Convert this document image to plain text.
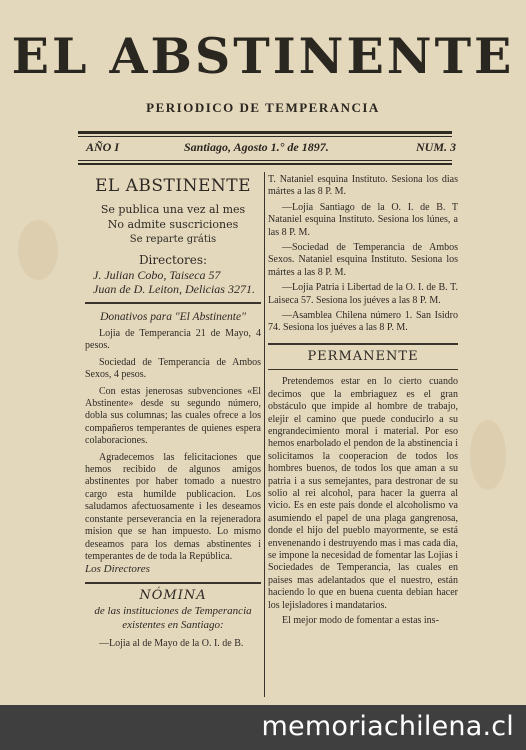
EL ABSTINENTE
PERIODICO DE TEMPERANCIA
AÑO I	Santiago, Agosto 1.° de 1897.	NUM. 3
EL ABSTINENTE
Se publica una vez al mes
No admite suscriciones
Se reparte grátis
Directores:
J. Julian Cobo, Taiseca 57
Juan de D. Leiton, Delicias 3271.
Donativos para "El Abstinente"

Lojia de Temperancia 21 de Mayo, 4 pesos.

Sociedad de Temperancia de Ambos Sexos, 4 pesos.

Con estas jenerosas subvenciones «El Abstinente» desde su segundo número, dobla sus columnas; las cuales ofrece a los compañeros temperantes de quienes espera colaboraciones.

Agradecemos las felicitaciones que hemos recibido de algunos amigos abstinentes por haber tomado a nuestro cargo esta humilde publicacion. Los saludamos afectuosamente i les deseamos constante perseverancia en la rejeneradora mision que se han impuesto. Lo mismo deseamos para los demas abstinentes i temperantes de de toda la República.

Los Directores

NÓMINA
de las instituciones de Temperancia existentes en Santiago:

—Lojia al de Mayo de la O. I. de B.

T. Nataniel esquina Instituto. Sesiona los dias mártes a las 8 P. M.

—Lojia Santiago de la O. I. de B. T Nataniel esquina Instituto. Sesiona los lúnes, a las 8 P. M.

—Sociedad de Temperancia de Ambos Sexos. Nataniel esquina Instituto. Sesiona los mártes a las 8 P. M.

—Lojia Patria i Libertad de la O. I. de B. T. Laiseca 57. Sesiona los juéves a las 8 P. M.

—Asamblea Chilena número 1. San Isidro 74. Sesiona los juéves a las 8 P. M.

PERMANENTE

Pretendemos estar en lo cierto cuando decimos que la embriaguez es el gran obstáculo que impide al hombre de trabajo, elejir el camino que puede conducirlo a su engrandecimiento moral i material. Por eso hemos enarbolado el pendon de la abstinencia i solicitamos la cooperacion de todos los hombres buenos, de todos los que aman a su patria i a sus semejantes, para destronar de su solio al rei alcohol, para hacer la guerra al vicio. Es en este pais donde el alcoholismo va asumiendo el papel de una plaga gangrenosa, donde el hijo del pueblo mayormente, se está envenenando i destruyendo mas i mas cada dia, se impone la necesidad de fomentar las Lojias i Sociedades de Temperancia, las cuales en paises mas adelantados que el nuestro, están haciendo lo que en buena cuenta debian hacer los lejisladores i mandatarios.

El mejor modo de fomentar a estas ins-

memoriachilena.cl
